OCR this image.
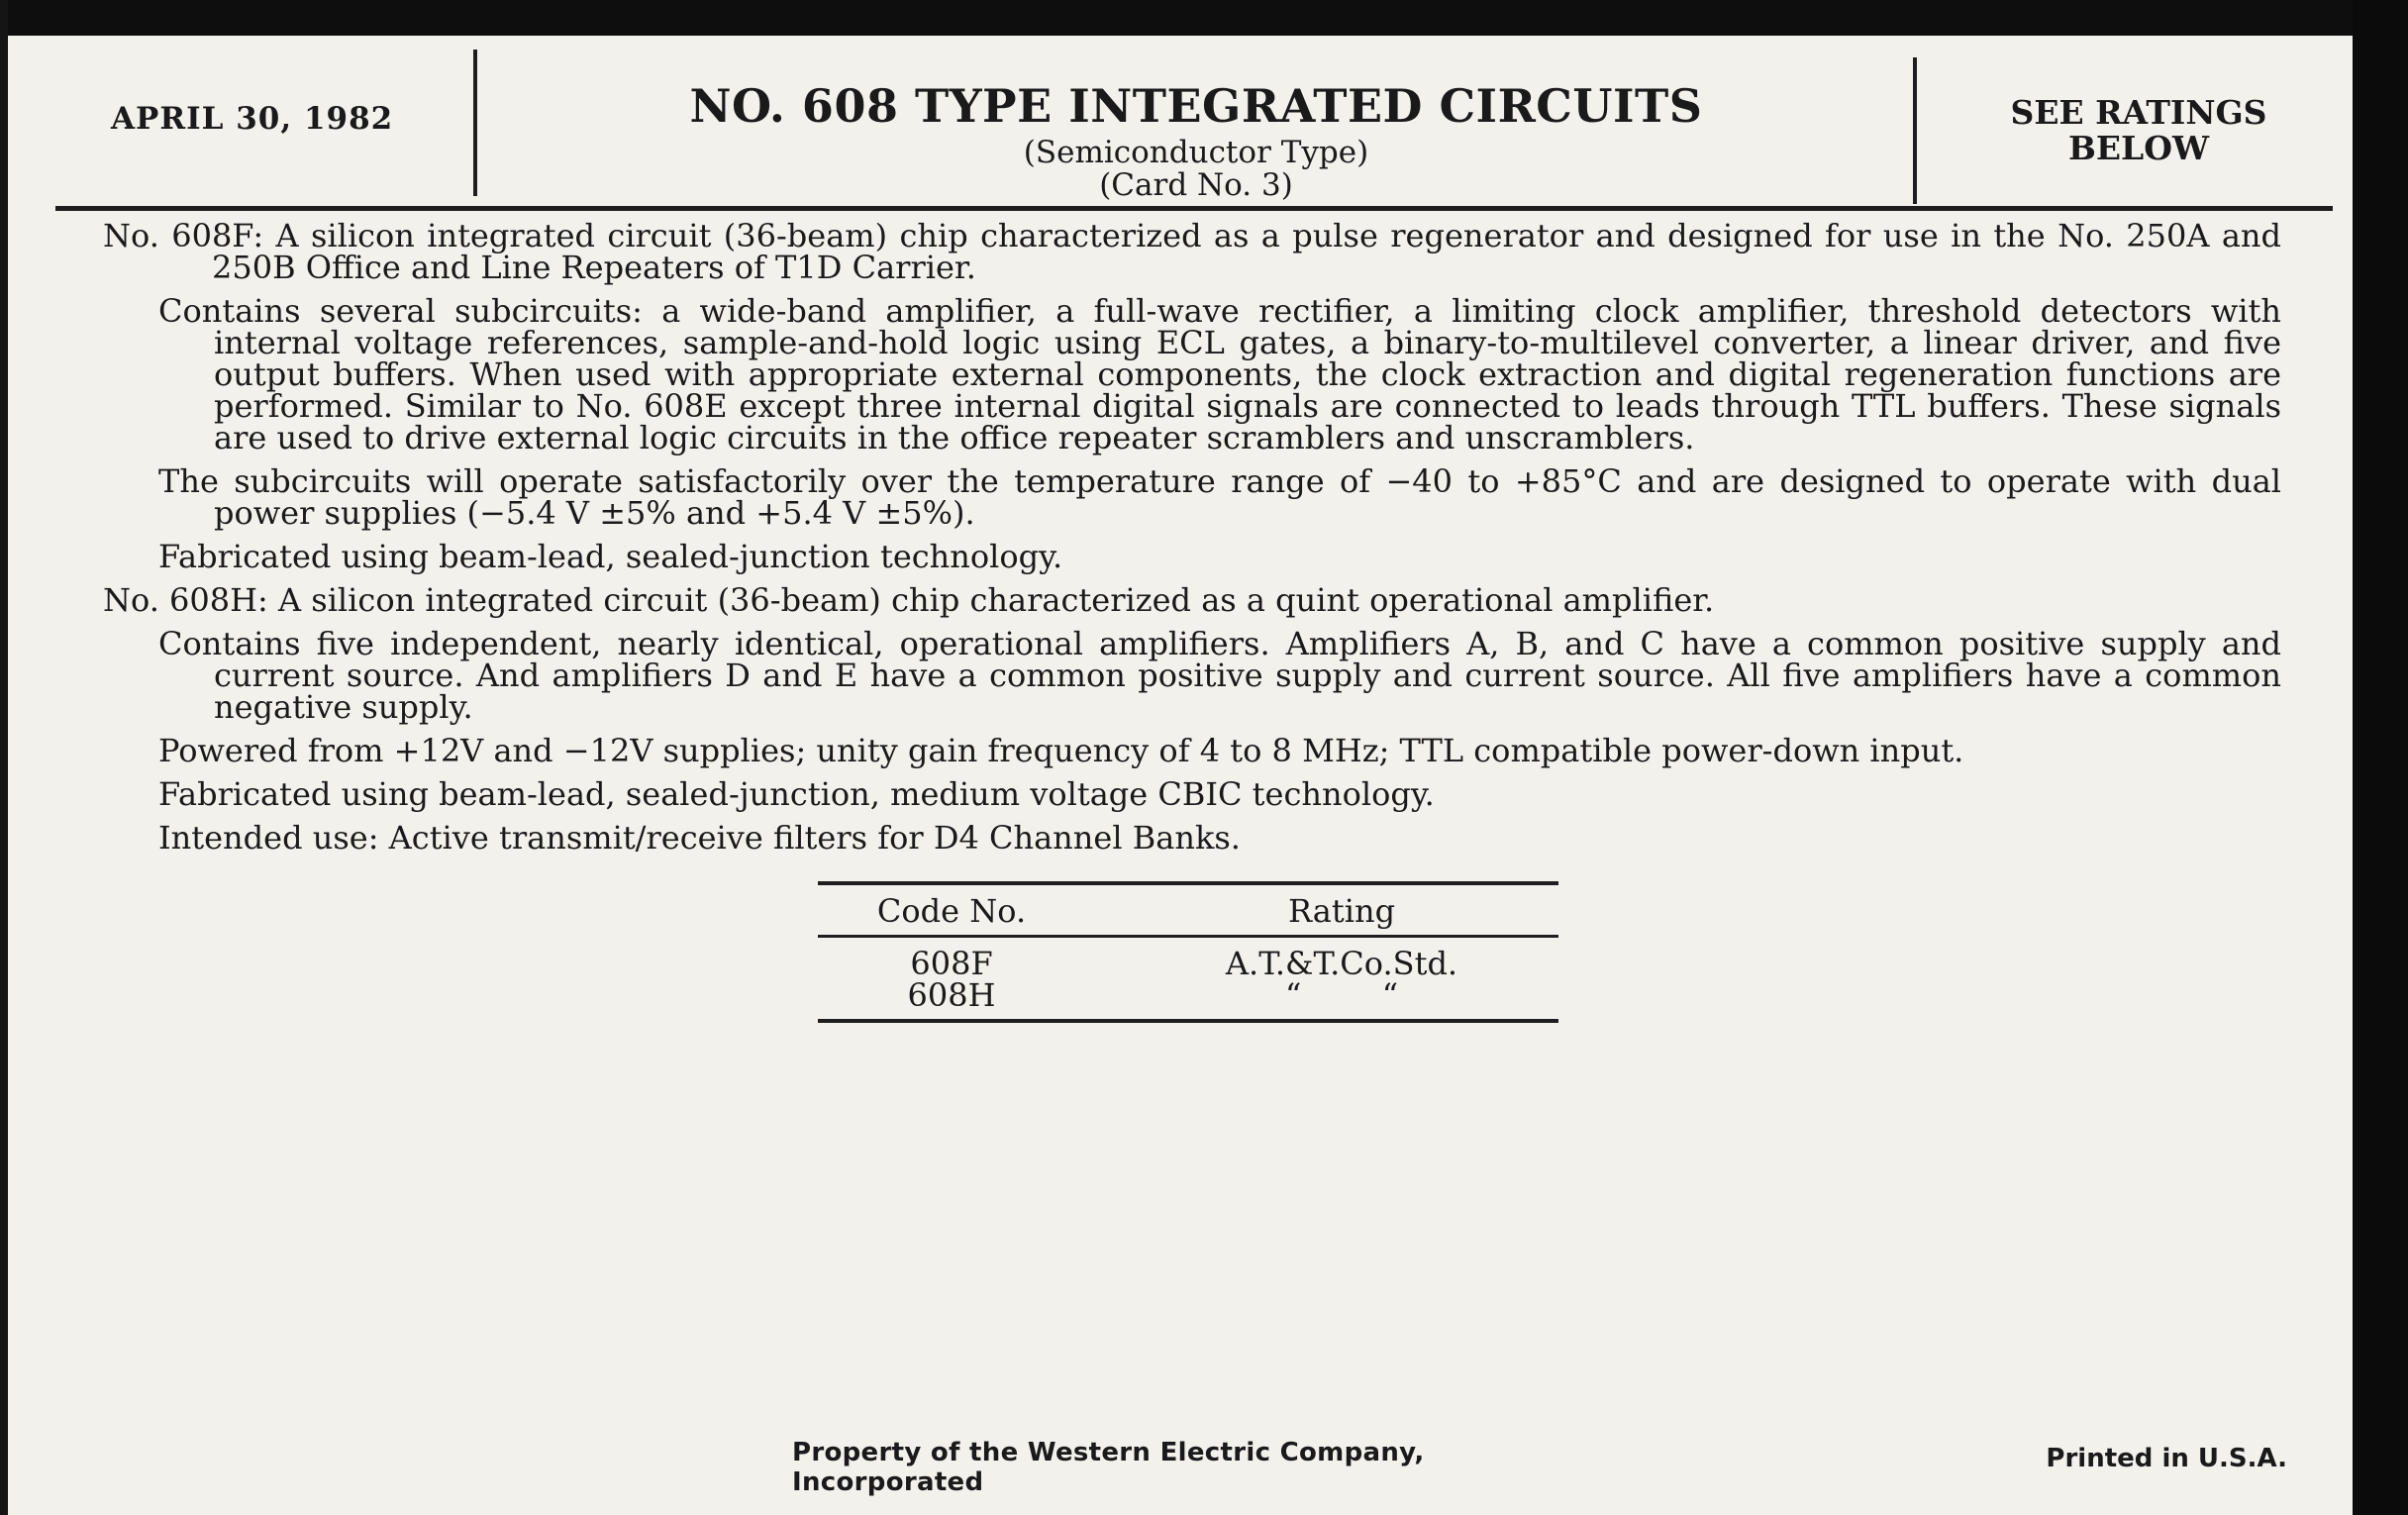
APRIL 30, 1982	NO. 608 TYPE INTEGRATED CIRCUITS
(Semiconductor Type)
(Card No. 3)
SEE RATINGS
BELOW

No. 608F: A silicon integrated circuit (36-beam) chip characterized as a pulse regenerator and designed for use in the No. 250A and 250B Office and Line Repeaters of T1D Carrier.

Contains several subcircuits: a wide-band amplifier, a full-wave rectifier, a limiting clock amplifier, threshold detectors with internal voltage references, sample-and-hold logic using ECL gates, a binary-to-multilevel converter, a linear driver, and five output buffers. When used with appropriate external components, the clock extraction and digital regeneration functions are performed. Similar to No. 608E except three internal digital signals are connected to leads through TTL buffers. These signals are used to drive external logic circuits in the office repeater scramblers and unscramblers.

The subcircuits will operate satisfactorily over the temperature range of −40 to +85°C and are designed to operate with dual power supplies (−5.4 V ±5% and +5.4 V ±5%).

Fabricated using beam-lead, sealed-junction technology.

No. 608H: A silicon integrated circuit (36-beam) chip characterized as a quint operational amplifier.

Contains five independent, nearly identical, operational amplifiers. Amplifiers A, B, and C have a common positive supply and current source. And amplifiers D and E have a common positive supply and current source. All five amplifiers have a common negative supply.

Powered from +12V and −12V supplies; unity gain frequency of 4 to 8 MHz; TTL compatible power-down input.

Fabricated using beam-lead, sealed-junction, medium voltage CBIC technology.

Intended use: Active transmit/receive filters for D4 Channel Banks.

Code No.	Rating
608F	A.T.&T.Co.Std.
608H	“        “
Property of the Western Electric Company, Incorporated
Printed in U.S.A.
